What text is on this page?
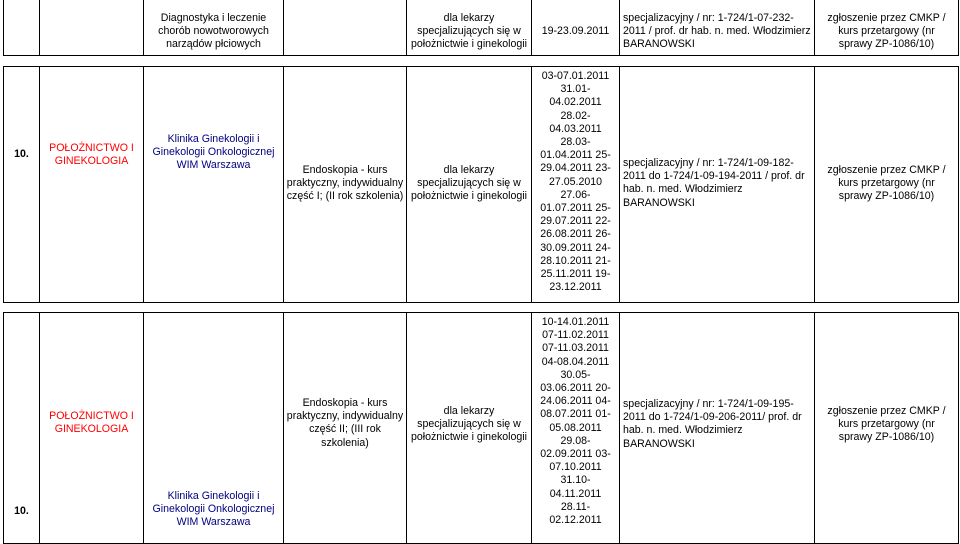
Diagnostyka i leczenie
chorób nowotworowych
narządów płciowych
dla lekarzy
specjalizujących się w
położnictwie i ginekologii
19-23.09.2011
specjalizacyjny / nr: 1-724/1-07-232-
2011 / prof. dr hab. n. med. Włodzimierz
BARANOWSKI
zgłoszenie przez CMKP /
kurs przetargowy (nr
sprawy ZP-1086/10)
10.	POŁOŻNICTWO I
GINEKOLOGIA
Klinika Ginekologii i
Ginekologii Onkologicznej
WIM Warszawa	Endoskopia - kurs
praktyczny, indywidualny
część I; (II rok szkolenia)
dla lekarzy
specjalizujących się w
położnictwie i ginekologii
03-07.01.2011
31.01-
04.02.2011
28.02-
04.03.2011
28.03-
01.04.2011 25-
29.04.2011 23-
27.05.2010
27.06-
01.07.2011 25-
29.07.2011 22-
26.08.2011 26-
30.09.2011 24-
28.10.2011 21-
25.11.2011 19-
23.12.2011
specjalizacyjny / nr: 1-724/1-09-182-
2011 do 1-724/1-09-194-2011 / prof. dr
hab. n. med. Włodzimierz
BARANOWSKI
zgłoszenie przez CMKP /
kurs przetargowy (nr
sprawy ZP-1086/10)
10.
POŁOŻNICTWO I
GINEKOLOGIA
Klinika Ginekologii i
Ginekologii Onkologicznej
WIM Warszawa
Endoskopia - kurs
praktyczny, indywidualny
część II; (III rok
szkolenia)
dla lekarzy
specjalizujących się w
położnictwie i ginekologii
10-14.01.2011
07-11.02.2011
07-11.03.2011
04-08.04.2011
30.05-
03.06.2011 20-
24.06.2011 04-
08.07.2011 01-
05.08.2011
29.08-
02.09.2011 03-
07.10.2011
31.10-
04.11.2011
28.11-
02.12.2011
specjalizacyjny / nr: 1-724/1-09-195-
2011 do 1-724/1-09-206-2011/ prof. dr
hab. n. med. Włodzimierz
BARANOWSKI
zgłoszenie przez CMKP /
kurs przetargowy (nr
sprawy ZP-1086/10)
